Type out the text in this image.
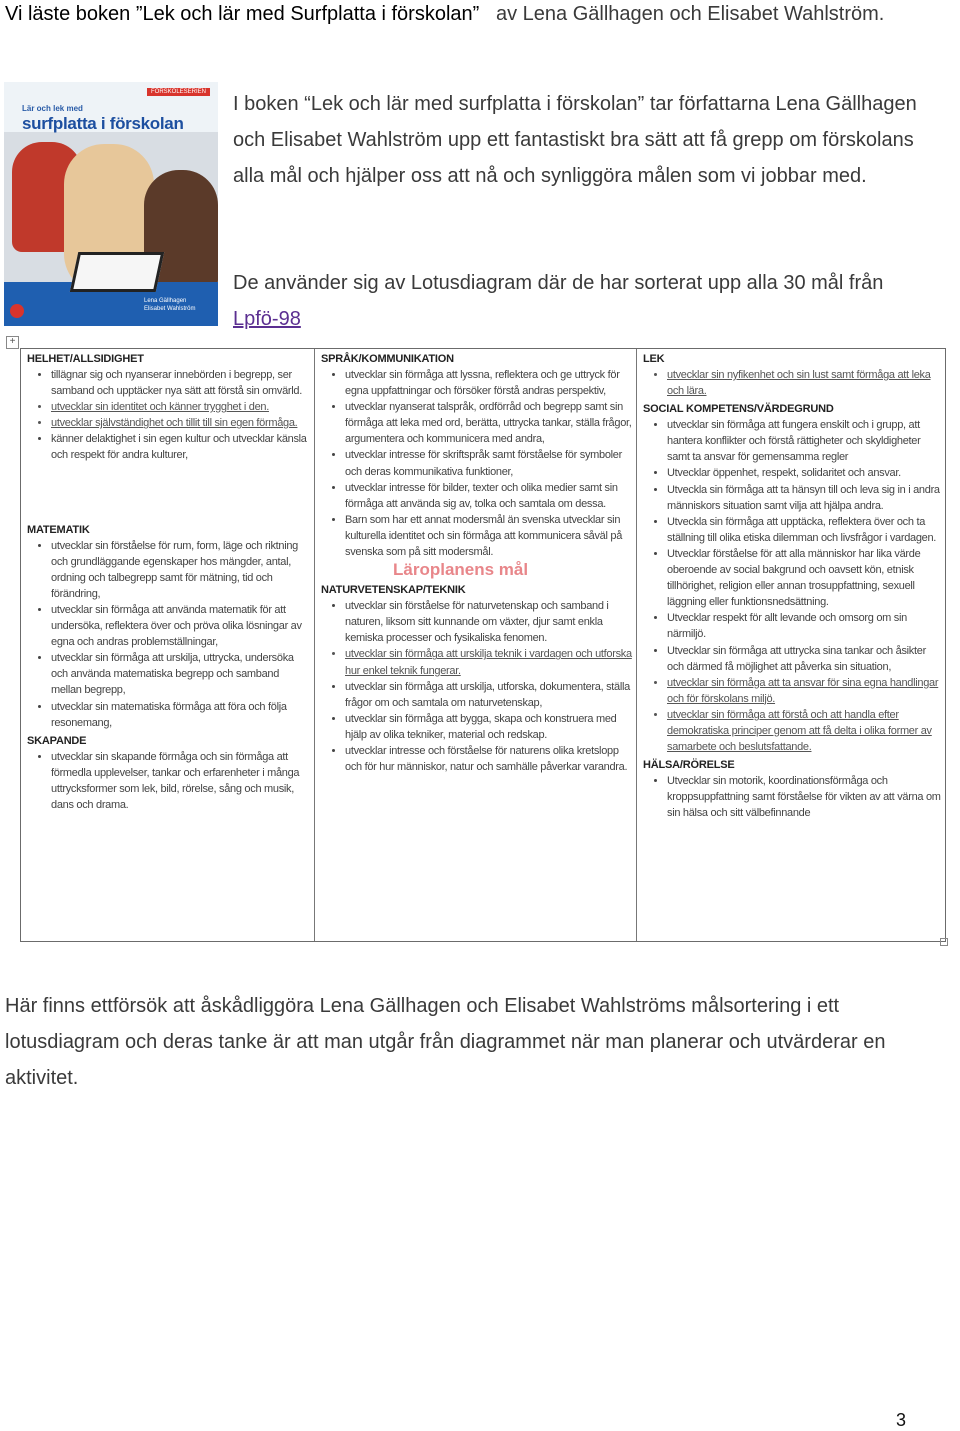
Vi läste boken ”Lek och lär med Surfplatta i förskolan” av Lena Gällhagen och Elisabet Wahlström.
FÖRSKOLESERIEN
Lär och lek med
surfplatta i förskolan
Lena Gällhagen
Elisabet Wahlström
I boken “Lek och lär med surfplatta i förskolan” tar författarna Lena Gällhagen och Elisabet Wahlström upp ett fantastiskt bra sätt att få grepp om förskolans alla mål och hjälper oss att nå och synliggöra målen som vi jobbar med.
De använder sig av Lotusdiagram där de har sorterat upp alla 30 mål från Lpfö-98
+
HELHET/ALLSIDIGHET
• tillägnar sig och nyanserar innebörden i begrepp, ser samband och upptäcker nya sätt att förstå sin omvärld.
• utvecklar sin identitet och känner trygghet i den.
• utvecklar självständighet och tillit till sin egen förmåga.
• känner delaktighet i sin egen kultur och utvecklar känsla och respekt för andra kulturer,
MATEMATIK
• utvecklar sin förståelse för rum, form, läge och riktning och grundläggande egenskaper hos mängder, antal, ordning och talbegrepp samt för mätning, tid och förändring,
• utvecklar sin förmåga att använda matematik för att undersöka, reflektera över och pröva olika lösningar av egna och andras problemställningar,
• utvecklar sin förmåga att urskilja, uttrycka, undersöka och använda matematiska begrepp och samband mellan begrepp,
• utvecklar sin matematiska förmåga att föra och följa resonemang,
SKAPANDE
• utvecklar sin skapande förmåga och sin förmåga att förmedla upplevelser, tankar och erfarenheter i många uttrycksformer som lek, bild, rörelse, sång och musik, dans och drama.
SPRÅK/KOMMUNIKATION
• utvecklar sin förmåga att lyssna, reflektera och ge uttryck för egna uppfattningar och försöker förstå andras perspektiv,
• utvecklar nyanserat talspråk, ordförråd och begrepp samt sin förmåga att leka med ord, berätta, uttrycka tankar, ställa frågor, argumentera och kommunicera med andra,
• utvecklar intresse för skriftspråk samt förståelse för symboler och deras kommunikativa funktioner,
• utvecklar intresse för bilder, texter och olika medier samt sin förmåga att använda sig av, tolka och samtala om dessa.
• Barn som har ett annat modersmål än svenska utvecklar sin kulturella identitet och sin förmåga att kommunicera såväl på svenska som på sitt modersmål.
Läroplanens mål
NATURVETENSKAP/TEKNIK
• utvecklar sin förståelse för naturvetenskap och samband i naturen, liksom sitt kunnande om växter, djur samt enkla kemiska processer och fysikaliska fenomen.
• utvecklar sin förmåga att urskilja teknik i vardagen och utforska hur enkel teknik fungerar.
• utvecklar sin förmåga att urskilja, utforska, dokumentera, ställa frågor om och samtala om naturvetenskap,
• utvecklar sin förmåga att bygga, skapa och konstruera med hjälp av olika tekniker, material och redskap.
• utvecklar intresse och förståelse för naturens olika kretslopp och för hur människor, natur och samhälle påverkar varandra.
LEK
• utvecklar sin nyfikenhet och sin lust samt förmåga att leka och lära.
SOCIAL KOMPETENS/VÄRDEGRUND
• utvecklar sin förmåga att fungera enskilt och i grupp, att hantera konflikter och förstå rättigheter och skyldigheter samt ta ansvar för gemensamma regler
• Utvecklar öppenhet, respekt, solidaritet och ansvar.
• Utveckla sin förmåga att ta hänsyn till och leva sig in i andra människors situation samt vilja att hjälpa andra.
• Utveckla sin förmåga att upptäcka, reflektera över och ta ställning till olika etiska dilemman och livsfrågor i vardagen.
• Utvecklar förståelse för att alla människor har lika värde oberoende av social bakgrund och oavsett kön, etnisk tillhörighet, religion eller annan trosuppfattning, sexuell läggning eller funktionsnedsättning.
• Utvecklar respekt för allt levande och omsorg om sin närmiljö.
• Utvecklar sin förmåga att uttrycka sina tankar och åsikter och därmed få möjlighet att påverka sin situation,
• utvecklar sin förmåga att ta ansvar för sina egna handlingar och för förskolans miljö.
• utvecklar sin förmåga att förstå och att handla efter demokratiska principer genom att få delta i olika former av samarbete och beslutsfattande.
HÄLSA/RÖRELSE
• Utvecklar sin motorik, koordinationsförmåga och kroppsuppfattning samt förståelse för vikten av att värna om sin hälsa och sitt välbefinnande
Här finns ettförsök att åskådliggöra Lena Gällhagen och Elisabet Wahlströms målsortering i ett lotusdiagram och deras tanke är att man utgår från diagrammet när man planerar och utvärderar en aktivitet.
3
